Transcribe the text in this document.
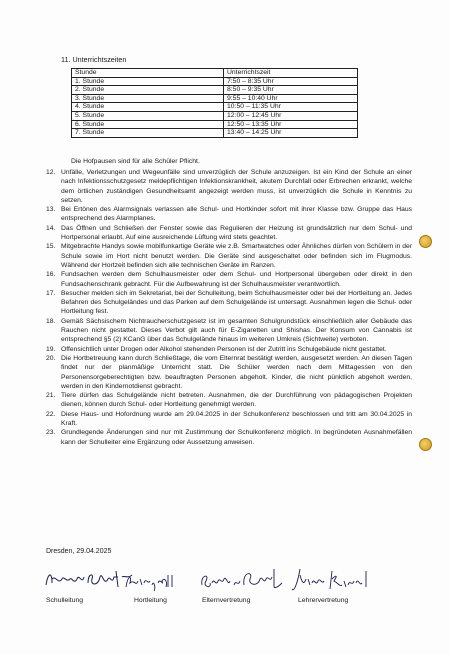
11. Unterrichtszeiten
Stunde	Unterrichtszeit
1. Stunde	7:50 – 8:35 Uhr
2. Stunde	8:50 – 9:35 Uhr
3. Stunde	9:55 – 10:40 Uhr
4. Stunde	10:50 – 11:35 Uhr
5. Stunde	12:00 – 12:45 Uhr
6. Stunde	12:50 – 13:35 Uhr
7. Stunde	13:40 – 14:25 Uhr
Die Hofpausen sind für alle Schüler Pflicht.
12. Unfälle, Verletzungen und Wegeunfälle sind unverzüglich der Schule anzuzeigen. Ist ein Kind der Schule an einer nach Infektionsschutzgesetz meldepflichtigen Infektionskrankheit, akutem Durchfall oder Erbrechen erkrankt, welche dem örtlichen zuständigen Gesundheitsamt angezeigt werden muss, ist unverzüglich die Schule in Kenntnis zu setzen.
13. Bei Ertönen des Alarmsignals verlassen alle Schul- und Hortkinder sofort mit ihrer Klasse bzw. Gruppe das Haus entsprechend des Alarmplanes.
14. Das Öffnen und Schließen der Fenster sowie das Regulieren der Heizung ist grundsätzlich nur dem Schul- und Hortpersonal erlaubt. Auf eine ausreichende Lüftung wird stets geachtet.
15. Mitgebrachte Handys sowie mobilfunkartige Geräte wie z.B. Smartwatches oder Ähnliches dürfen von Schülern in der Schule sowie im Hort nicht benutzt werden. Die Geräte sind ausgeschaltet oder befinden sich im Flugmodus. Während der Hortzeit befinden sich alle technischen Geräte im Ranzen.
16. Fundsachen werden dem Schulhausmeister oder dem Schul- und Hortpersonal übergeben oder direkt in den Fundsachenschrank gebracht. Für die Aufbewahrung ist der Schulhausmeister verantwortlich.
17. Besucher melden sich im Sekretariat, bei der Schulleitung, beim Schulhausmeister oder bei der Hortleitung an. Jedes Befahren des Schulgeländes und das Parken auf dem Schulgelände ist untersagt. Ausnahmen legen die Schul- oder Hortleitung fest.
18. Gemäß Sächsischem Nichtraucherschutzgesetz ist im gesamten Schulgrundstück einschließlich aller Gebäude das Rauchen nicht gestattet. Dieses Verbot gilt auch für E-Zigaretten und Shishas. Der Konsum von Cannabis ist entsprechend §5 (2) KCanG über das Schulgelände hinaus im weiteren Umkreis (Sichtweite) verboten.
19. Offensichtlich unter Drogen oder Alkohol stehenden Personen ist der Zutritt ins Schulgebäude nicht gestattet.
20. Die Hortbetreuung kann durch Schließtage, die vom Elternrat bestätigt werden, ausgesetzt werden. An diesen Tagen findet nur der planmäßige Unterricht statt. Die Schüler werden nach dem Mittagessen von den Personensorgeberechtigten bzw. beauftragten Personen abgeholt. Kinder, die nicht pünktlich abgeholt werden, werden in den Kindernotdienst gebracht.
21. Tiere dürfen das Schulgelände nicht betreten. Ausnahmen, die der Durchführung von pädagogischen Projekten dienen, können durch Schul- oder Hortleitung genehmigt werden.
22. Diese Haus- und Hofordnung wurde am 29.04.2025 in der Schulkonferenz beschlossen und tritt am 30.04.2025 in Kraft.
23. Grundlegende Änderungen sind nur mit Zustimmung der Schulkonferenz möglich. In begründeten Ausnahmefällen kann der Schulleiter eine Ergänzung oder Aussetzung anweisen.
Dresden, 29.04.2025
Schulleitung	Hortleitung	Elternvertretung	Lehrervertretung
